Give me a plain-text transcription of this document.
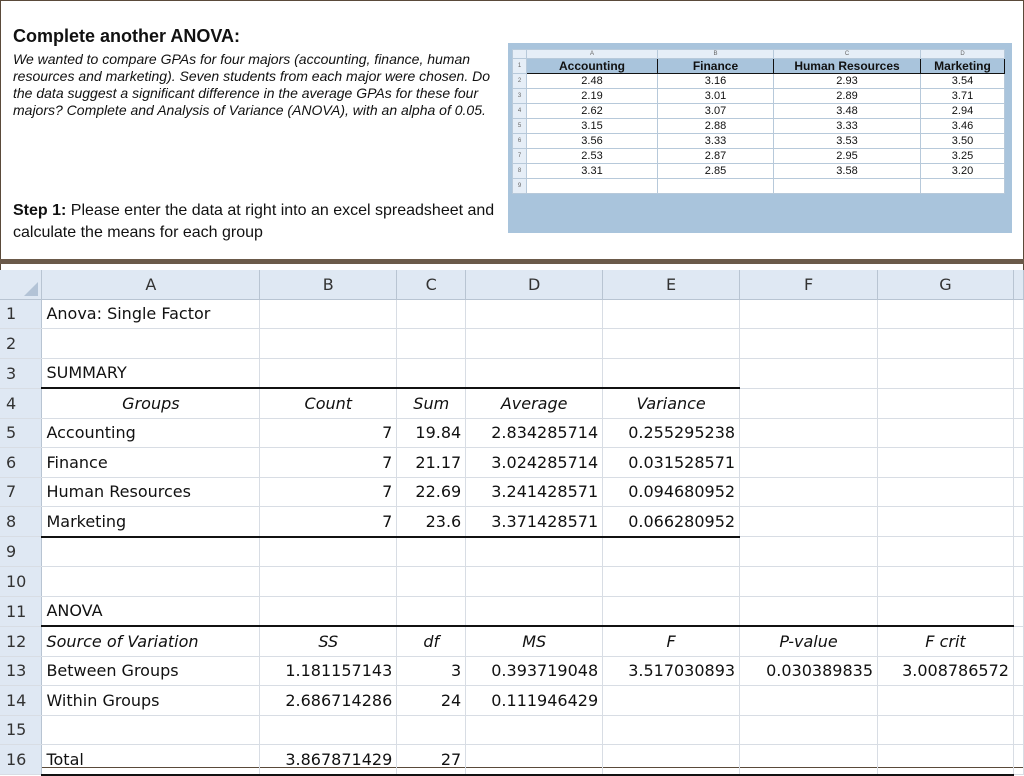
Complete another ANOVA:
We wanted to compare GPAs for four majors (accounting, finance, human resources and marketing). Seven students from each major were chosen. Do the data suggest a significant difference in the average GPAs for these four majors? Complete and Analysis of Variance (ANOVA), with an alpha of 0.05.
Step 1: Please enter the data at right into an excel spreadsheet and calculate the means for each group
	A	B	C	D
1	Accounting	Finance	Human Resources	Marketing
2	2.48	3.16	2.93	3.54
3	2.19	3.01	2.89	3.71
4	2.62	3.07	3.48	2.94
5	3.15	2.88	3.33	3.46
6	3.56	3.33	3.53	3.50
7	2.53	2.87	2.95	3.25
8	3.31	2.85	3.58	3.20
9				
	A	B	C	D	E	F	G	
1	Anova: Single Factor							
2								
3	SUMMARY							
4	Groups	Count	Sum	Average	Variance			
5	Accounting	7	19.84	2.834285714	0.255295238			
6	Finance	7	21.17	3.024285714	0.031528571			
7	Human Resources	7	22.69	3.241428571	0.094680952			
8	Marketing	7	23.6	3.371428571	0.066280952			
9								
10								
11	ANOVA							
12	Source of Variation	SS	df	MS	F	P-value	F crit	
13	Between Groups	1.181157143	3	0.393719048	3.517030893	0.030389835	3.008786572	
14	Within Groups	2.686714286	24	0.111946429				
15								
16	Total	3.867871429	27					
